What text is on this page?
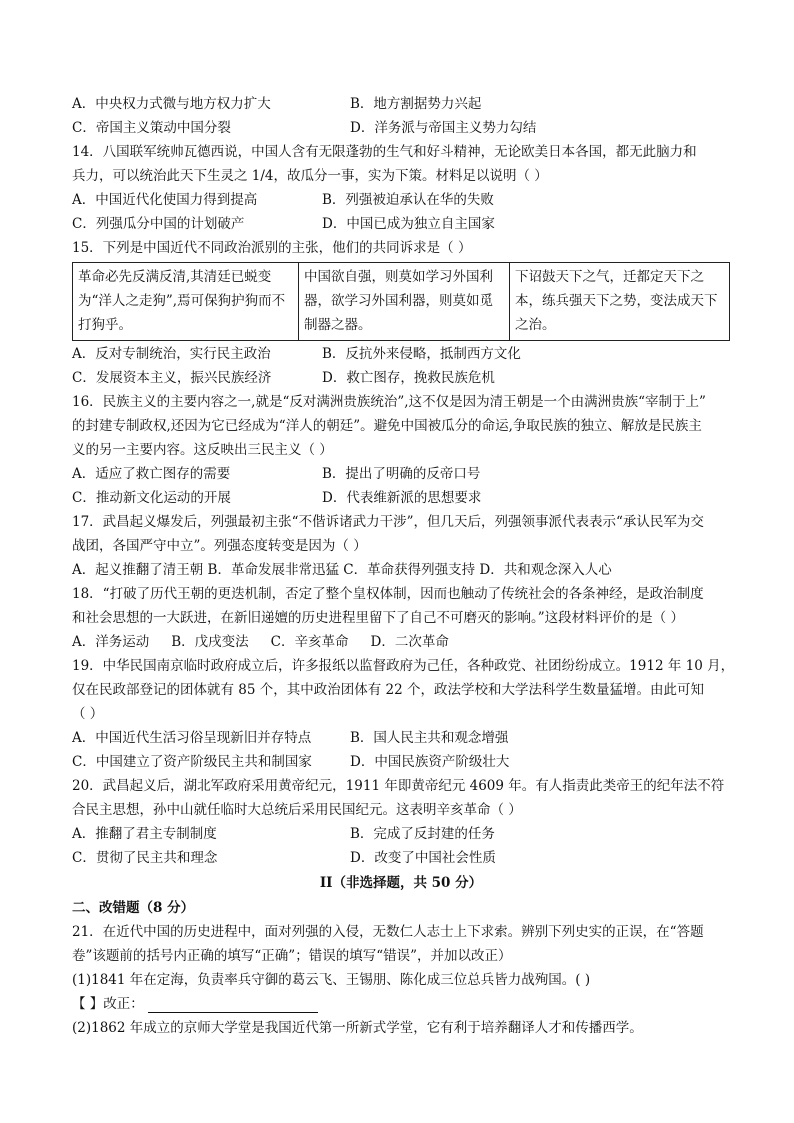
A．中央权力式微与地方权力扩大	B．地方割据势力兴起
C．帝国主义策动中国分裂	D．洋务派与帝国主义势力勾结
14．八国联军统帅瓦德西说，中国人含有无限蓬勃的生气和好斗精神，无论欧美日本各国，都无此脑力和
兵力，可以统治此天下生灵之 1/4，故瓜分一事，实为下策。材料足以说明（ ）
A．中国近代化使国力得到提高	B．列强被迫承认在华的失败
C．列强瓜分中国的计划破产	D．中国已成为独立自主国家
15．下列是中国近代不同政治派别的主张，他们的共同诉求是（ ）
革命必先反满反清,其清廷已蜕变为“洋人之走狗”,焉可保狗护狗而不打狗乎。	中国欲自强，则莫如学习外国利器，欲学习外国利器，则莫如觅制器之器。	下诏鼓天下之气，迁都定天下之本，练兵强天下之势，变法成天下之治。
A．反对专制统治，实行民主政治	B．反抗外来侵略，抵制西方文化
C．发展资本主义，振兴民族经济	D．救亡图存，挽救民族危机
16．民族主义的主要内容之一,就是“反对满洲贵族统治”,这不仅是因为清王朝是一个由满洲贵族“宰制于上”
的封建专制政权,还因为它已经成为“洋人的朝廷”。避免中国被瓜分的命运,争取民族的独立、解放是民族主
义的另一主要内容。这反映出三民主义（ ）
A．适应了救亡图存的需要	B．提出了明确的反帝口号
C．推动新文化运动的开展	D．代表维新派的思想要求
17．武昌起义爆发后，列强最初主张“不偕诉诸武力干涉”，但几天后，列强领事派代表表示“承认民军为交
战团，各国严守中立”。列强态度转变是因为（ ）
A．起义推翻了清王朝 B．革命发展非常迅猛 C．革命获得列强支持 D．共和观念深入人心
18．“打破了历代王朝的更迭机制，否定了整个皇权体制，因而也触动了传统社会的各条神经，是政治制度
和社会思想的一大跃进，在新旧递嬗的历史进程里留下了自己不可磨灭的影响。”这段材料评价的是（ ）
A．洋务运动 B．戊戌变法 C．辛亥革命 D．二次革命
19．中华民国南京临时政府成立后，许多报纸以监督政府为己任，各种政党、社团纷纷成立。1912 年 10 月，
仅在民政部登记的团体就有 85 个，其中政治团体有 22 个，政法学校和大学法科学生数量猛增。由此可知
（ ）
A．中国近代生活习俗呈现新旧并存特点	B．国人民主共和观念增强
C．中国建立了资产阶级民主共和制国家	D．中国民族资产阶级壮大
20．武昌起义后，湖北军政府采用黄帝纪元，1911 年即黄帝纪元 4609 年。有人指责此类帝王的纪年法不符
合民主思想，孙中山就任临时大总统后采用民国纪元。这表明辛亥革命（ ）
A．推翻了君主专制制度	B．完成了反封建的任务
C．贯彻了民主共和理念	D．改变了中国社会性质
II（非选择题，共 50 分）
二、改错题（8 分）
21．在近代中国的历史进程中，面对列强的入侵，无数仁人志士上下求索。辨别下列史实的正误，在“答题
卷”该题前的括号内正确的填写“正确”；错误的填写“错误”，并加以改正）
(1)1841 年在定海，负责率兵守御的葛云飞、王锡朋、陈化成三位总兵皆力战殉国。( )
【 】改正：
(2)1862 年成立的京师大学堂是我国近代第一所新式学堂，它有利于培养翻译人才和传播西学。
